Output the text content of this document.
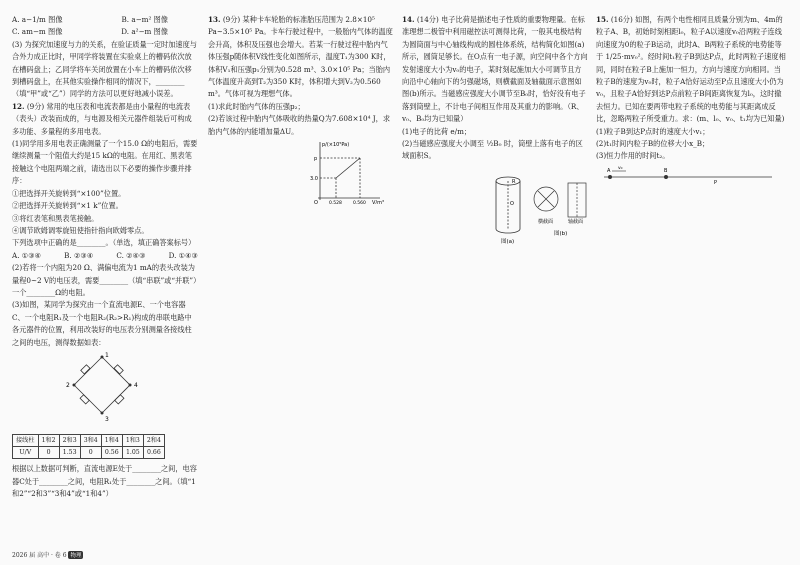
A. a−1/m 图像	B. a−m² 图像
C. am−m 图像	D. a²−m 图像

(3) 为探究加速度与力的关系，在验证质量一定时加速度与合外力成正比时，甲同学将装置在实验桌上的槽码依次放在槽码盘上；乙同学将车关闭放置在小车上的槽码依次移到槽码盘上，在其他实验操作相同的情况下，________（填“甲”或“乙”）同学的方法可以更好地减小误差。

12. (9分) 常用的电压表和电流表都是由小量程的电流表（表头）改装而成的，与电源及相关元器件组装后可构成多功能、多量程的多用电表。

(1)同学用多用电表正确测量了一个15.0 Ω的电阻后，需要继续测量一个阻值大约是15 kΩ的电阻。在用红、黑表笔接触这个电阻两端之前，请选出以下必要的操作步骤并排序：

①把选择开关旋转到“×100”位置。

②把选择开关旋转到“×1 k”位置。

③将红表笔和黑表笔接触。

④调节欧姆调零旋钮使指针指向欧姆零点。

下列选项中正确的是________。（单选，填正确答案标号）

A. ①③④	B. ②③④	C. ②④③	D. ①④③

(2)若将一个内阻为20 Ω、满偏电流为1 mA的表头改装为量程0~2 V的电压表，需要________（填“串联”或“并联”）一个________Ω的电阻。

(3)如图，某同学为探究由一个直流电源E、一个电容器C、一个电阻R₁及一个电阻R₂(R₂>R₁)构成的串联电路中各元器件的位置，利用改装好的电压表分别测量各接线柱之间的电压，测得数据如表：

1
2	4
3
接线柱	1和2	2和3	3和4	1和4	1和3	2和4
U/V	0	1.53	0	0.56	1.05	0.66

根据以上数据可判断，直流电源E处于________之间，电容器C处于________之间，电阻R₁处于________之间。（填“1和2”“2和3”“3和4”或“1和4”）

13. (9分) 某种卡车轮胎的标准胎压范围为 2.8×10⁵ Pa~3.5×10⁵ Pa。卡车行驶过程中，一般胎内气体的温度会升高，体积及压强也会增大。若某一行驶过程中胎内气体压强p随体积V线性变化如图所示，温度T₁为300 K时，体积V₁和压强p₁分别为0.528 m³、3.0×10⁵ Pa；当胎内气体温度升高到T₂为350 K时，体积增大到V₂为0.560 m³。气体可视为理想气体。

(1)求此时胎内气体的压强p₂；

(2)若该过程中胎内气体吸收的热量Q为7.608×10⁴ J，求胎内气体的内能增加量ΔU。

p/(×10⁵Pa)
V/m³
O
p
3.0
0.528 0.560

14. (14分) 电子比荷是描述电子性质的重要物理量。在标准理想二极管中利用磁控法可测得比荷，一般其电极结构为圆筒面与中心轴线构成的圆柱体系统，结构简化如图(a)所示，圆筒足够长。在O点有一电子源，向空间中各个方向发射速度大小为v₀的电子，某时刻起施加大小可调节且方向沿中心轴向下的匀强磁场，则横截面及轴截面示意图如图(b)所示。当磁感应强度大小调节至B₀时，恰好没有电子落到筒壁上，不计电子间相互作用及其重力的影响。（R、v₀、B₀均为已知量）

(1)电子的比荷 e/m；

(2)当磁感应强度大小调至 ½B₀ 时，筒壁上落有电子的区域面积S。

O
R
图(a)
横截面	轴截面
图(b)

15. (16分) 如图，有两个电性相同且质量分别为m、4m的粒子A、B，初始时刻相距l₀，粒子A以速度v₀沿两粒子连线向速度为0的粒子B运动，此时A、B两粒子系统的电势能等于 1/25·mv₀²。经时间t₁粒子B到达P点，此时两粒子速度相同，同时在粒子B上施加一恒力，方向与速度方向相同。当粒子B的速度为v₀时，粒子A恰好运动至P点且速度大小仍为v₀，且粒子A恰好到达P点前粒子B间距离恢复为l₀，这时撤去恒力。已知在要两带电粒子系统的电势能与其距离成反比，忽略两粒子所受重力。求：(m、l₀、v₀、t₁均为已知量)

(1)粒子B到达P点时的速度大小v₁；

(2)t₁时间内粒子B的位移大小x_B；

(3)恒力作用的时间t₂。

A	B
v₀
P
2026 届 高中 · 卷 6 物理
